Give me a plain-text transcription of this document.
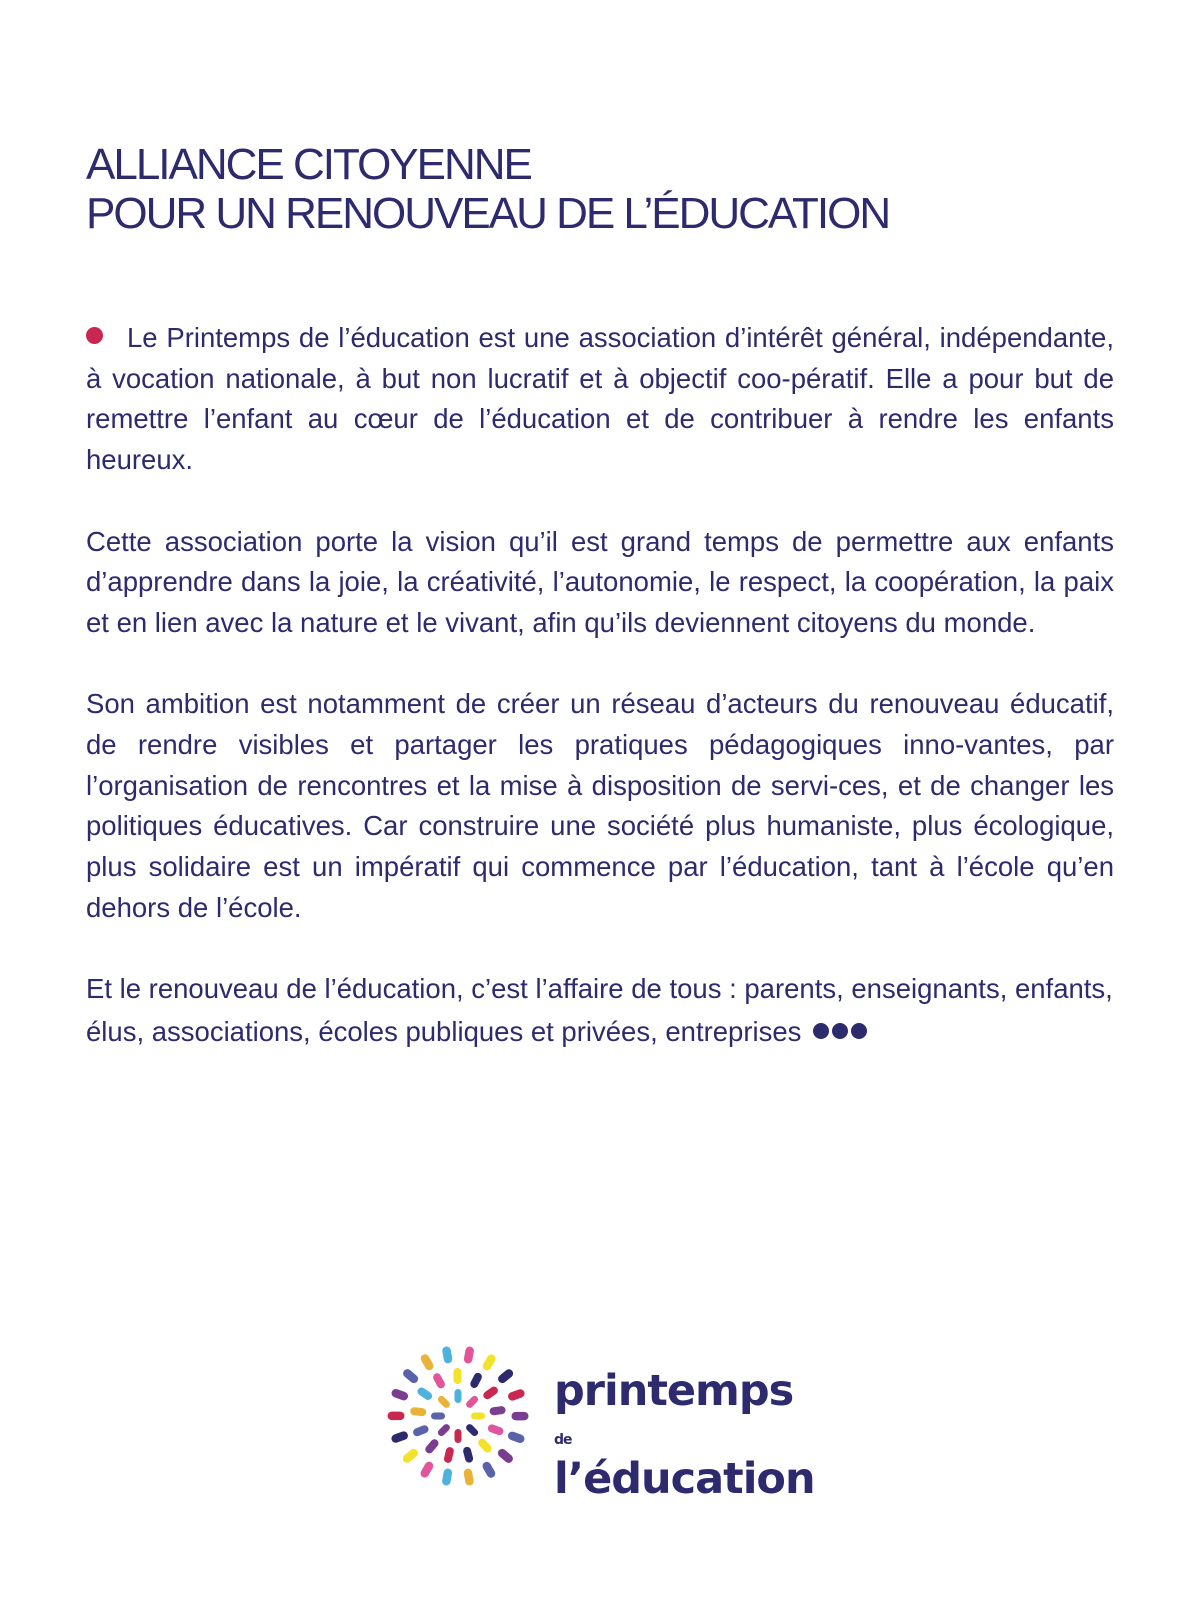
ALLIANCE CITOYENNE
POUR UN RENOUVEAU DE L’ÉDUCATION

Le Printemps de l’éducation est une association d’intérêt général, indépendante, à vocation nationale, à but non lucratif et à objectif coo-pératif. Elle a pour but de remettre l’enfant au cœur de l’éducation et de contribuer à rendre les enfants heureux.

Cette association porte la vision qu’il est grand temps de permettre aux enfants d’apprendre dans la joie, la créativité, l’autonomie, le respect, la coopération, la paix et en lien avec la nature et le vivant, afin qu’ils deviennent citoyens du monde.

Son ambition est notamment de créer un réseau d’acteurs du renouveau éducatif, de rendre visibles et partager les pratiques pédagogiques inno-vantes, par l’organisation de rencontres et la mise à disposition de servi-ces, et de changer les politiques éducatives. Car construire une société plus humaniste, plus écologique, plus solidaire est un impératif qui commence par l’éducation, tant à l’école qu’en dehors de l’école.

Et le renouveau de l’éducation, c’est l’affaire de tous : parents, enseignants, enfants, élus, associations, écoles publiques et privées, entreprises

printemps
del’éducation
